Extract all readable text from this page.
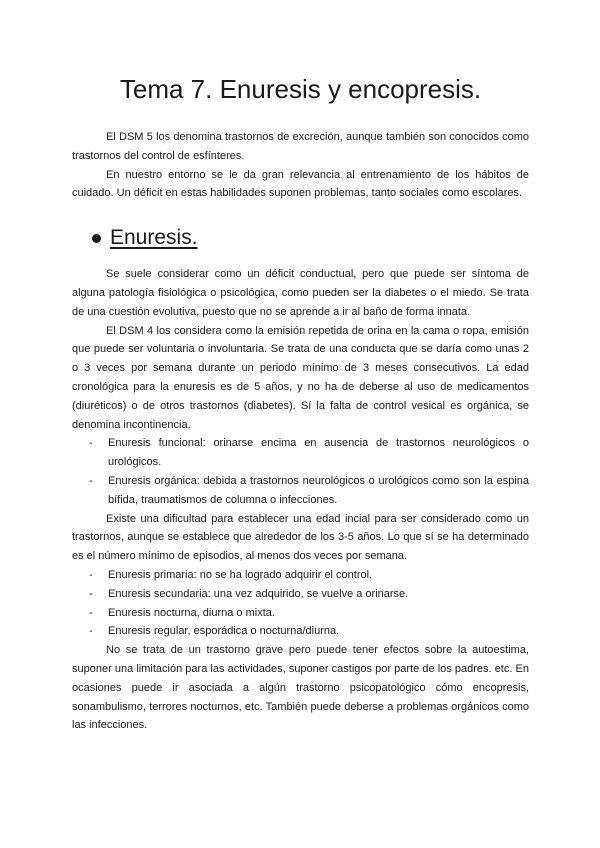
Tema 7. Enuresis y encopresis.

El DSM 5 los denomina trastornos de excreción, aunque también son conocidos como trastornos del control de esfínteres.

En nuestro entorno se le da gran relevancia al entrenamiento de los hábitos de cuidado. Un déficit en estas habilidades suponen problemas, tanto sociales como escolares.

Enuresis.

Se suele considerar como un déficit conductual, pero que puede ser síntoma de alguna patología fisiológica o psicológica, como pueden ser la diabetes o el miedo. Se trata de una cuestión evolutiva, puesto que no se aprende a ir al baño de forma innata.

El DSM 4 los considera como la emisión repetida de orina en la cama o ropa, emisión que puede ser voluntaria o involuntaria. Se trata de una conducta que se daría como unas 2 o 3 veces por semana durante un periodo mínimo de 3 meses consecutivos. La edad cronológica para la enuresis es de 5 años, y no ha de deberse al uso de medicamentos (diuréticos) o de otros trastornos (diabetes). Sí la falta de control vesical es orgánica, se denomina incontinencia.

- Enuresis funcional: orinarse encima en ausencia de trastornos neurológicos o urológicos.
- Enuresis orgánica: debida a trastornos neurológicos o urológicos como son la espina bífida, traumatismos de columna o infecciones.

Existe una dificultad para establecer una edad incial para ser considerado como un trastornos, aunque se establece que alrededor de los 3-5 años. Lo que sí se ha determinado es el número mínimo de episodios, al menos dos veces por semana.

- Enuresis primaria: no se ha logrado adquirir el control.
- Enuresis secundaria: una vez adquirido, se vuelve a orinarse.
- Enuresis nocturna, diurna o mixta.
- Enuresis regular, esporádica o nocturna/diurna.

No se trata de un trastorno grave pero puede tener efectos sobre la autoestima, suponer una limitación para las actividades, suponer castigos por parte de los padres. etc. En ocasiones puede ir asociada a algún trastorno psicopatológico cómo encopresis, sonambulismo, terrores nocturnos, etc. También puede deberse a problemas orgánicos como las infecciones.
